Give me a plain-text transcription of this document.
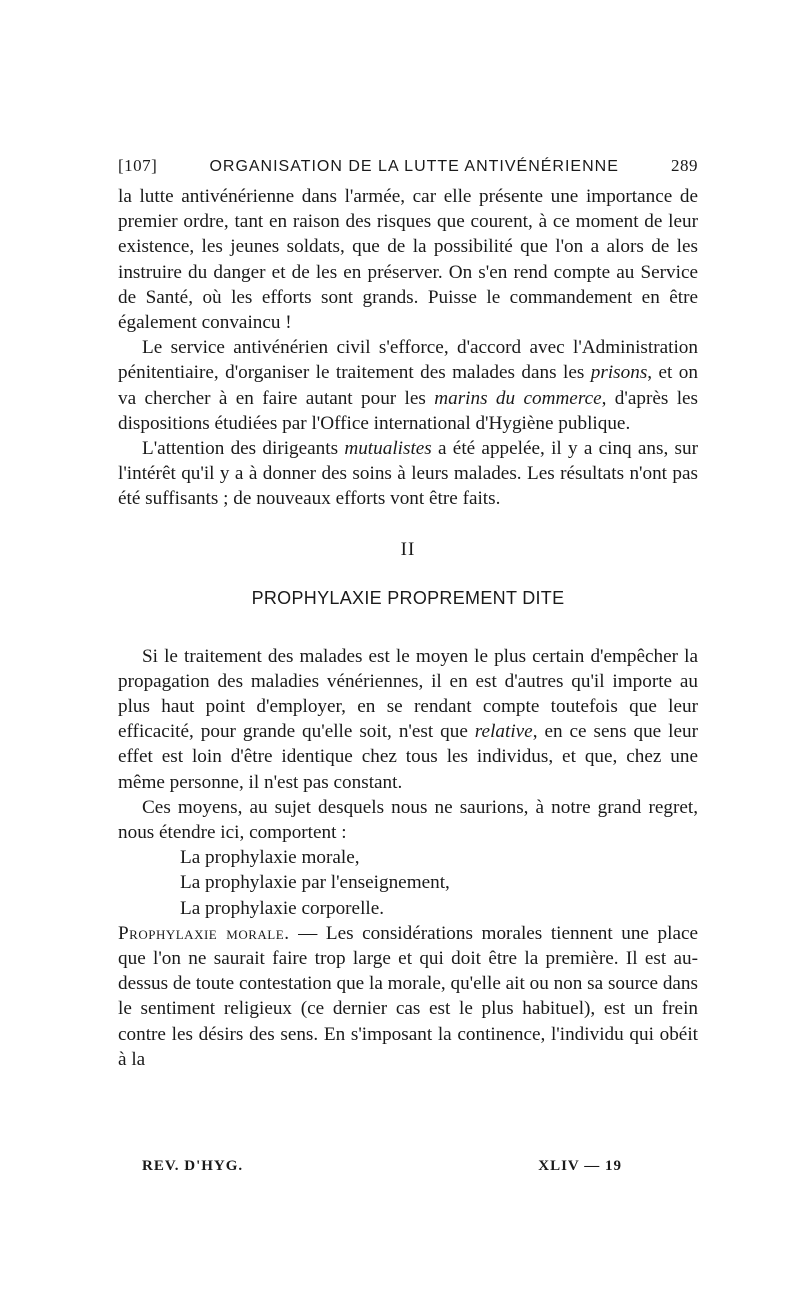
[107]	ORGANISATION DE LA LUTTE ANTIVÉNÉRIENNE	289

la lutte antivénérienne dans l'armée, car elle présente une importance de premier ordre, tant en raison des risques que courent, à ce moment de leur existence, les jeunes soldats, que de la possibilité que l'on a alors de les instruire du danger et de les en préserver. On s'en rend compte au Service de Santé, où les efforts sont grands. Puisse le commandement en être également convaincu !

Le service antivénérien civil s'efforce, d'accord avec l'Administration pénitentiaire, d'organiser le traitement des malades dans les prisons, et on va chercher à en faire autant pour les marins du commerce, d'après les dispositions étudiées par l'Office international d'Hygiène publique.

L'attention des dirigeants mutualistes a été appelée, il y a cinq ans, sur l'intérêt qu'il y a à donner des soins à leurs malades. Les résultats n'ont pas été suffisants ; de nouveaux efforts vont être faits.

II
PROPHYLAXIE PROPREMENT DITE

Si le traitement des malades est le moyen le plus certain d'empêcher la propagation des maladies vénériennes, il en est d'autres qu'il importe au plus haut point d'employer, en se rendant compte toutefois que leur efficacité, pour grande qu'elle soit, n'est que relative, en ce sens que leur effet est loin d'être identique chez tous les individus, et que, chez une même personne, il n'est pas constant.

Ces moyens, au sujet desquels nous ne saurions, à notre grand regret, nous étendre ici, comportent :

La prophylaxie morale,
La prophylaxie par l'enseignement,
La prophylaxie corporelle.

Prophylaxie morale. — Les considérations morales tiennent une place que l'on ne saurait faire trop large et qui doit être la première. Il est au-dessus de toute contestation que la morale, qu'elle ait ou non sa source dans le sentiment religieux (ce dernier cas est le plus habituel), est un frein contre les désirs des sens. En s'imposant la continence, l'individu qui obéit à la

REV. D'HYG.	XLIV — 19
